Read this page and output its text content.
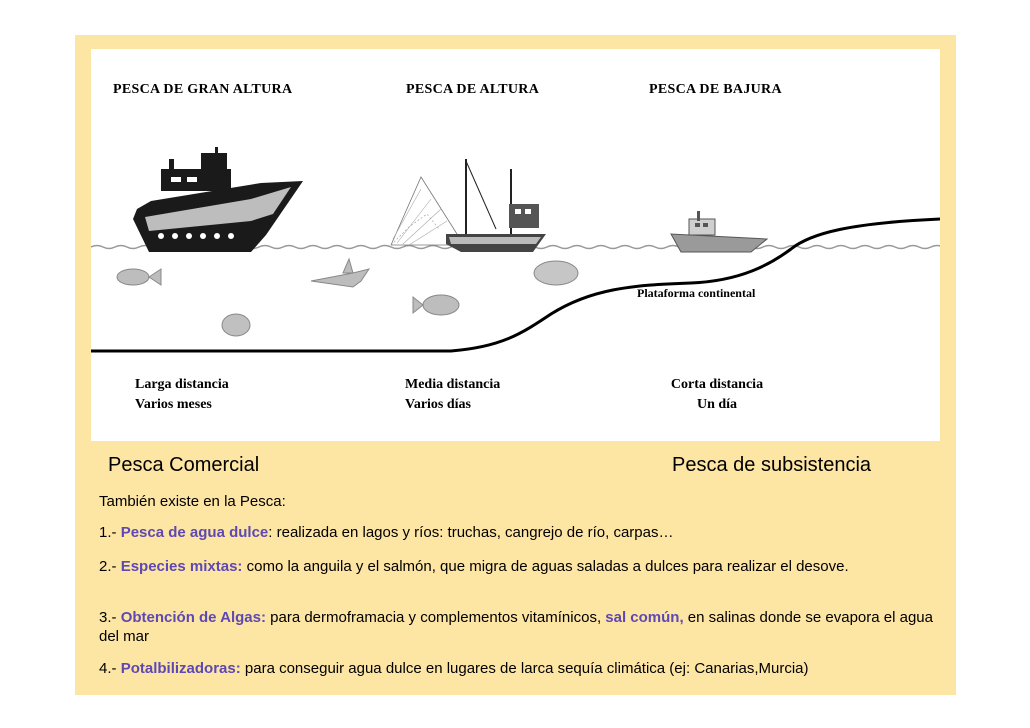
PESCA DE GRAN ALTURA	PESCA DE ALTURA	PESCA DE BAJURA
Plataforma continental
Larga distancia
Varios meses
Media distancia
Varios días
Corta distancia
Un día
Pesca Comercial	Pesca de subsistencia
También existe en la Pesca:
1.- Pesca de agua dulce: realizada en lagos y ríos: truchas, cangrejo de río, carpas…
2.- Especies mixtas: como la anguila y el salmón, que migra de aguas saladas a dulces para realizar el desove.
3.- Obtención de Algas: para dermoframacia y complementos vitamínicos, sal común, en salinas donde se evapora el agua del mar
4.- Potalbilizadoras: para conseguir agua dulce en lugares de larca sequía climática (ej: Canarias,Murcia)
